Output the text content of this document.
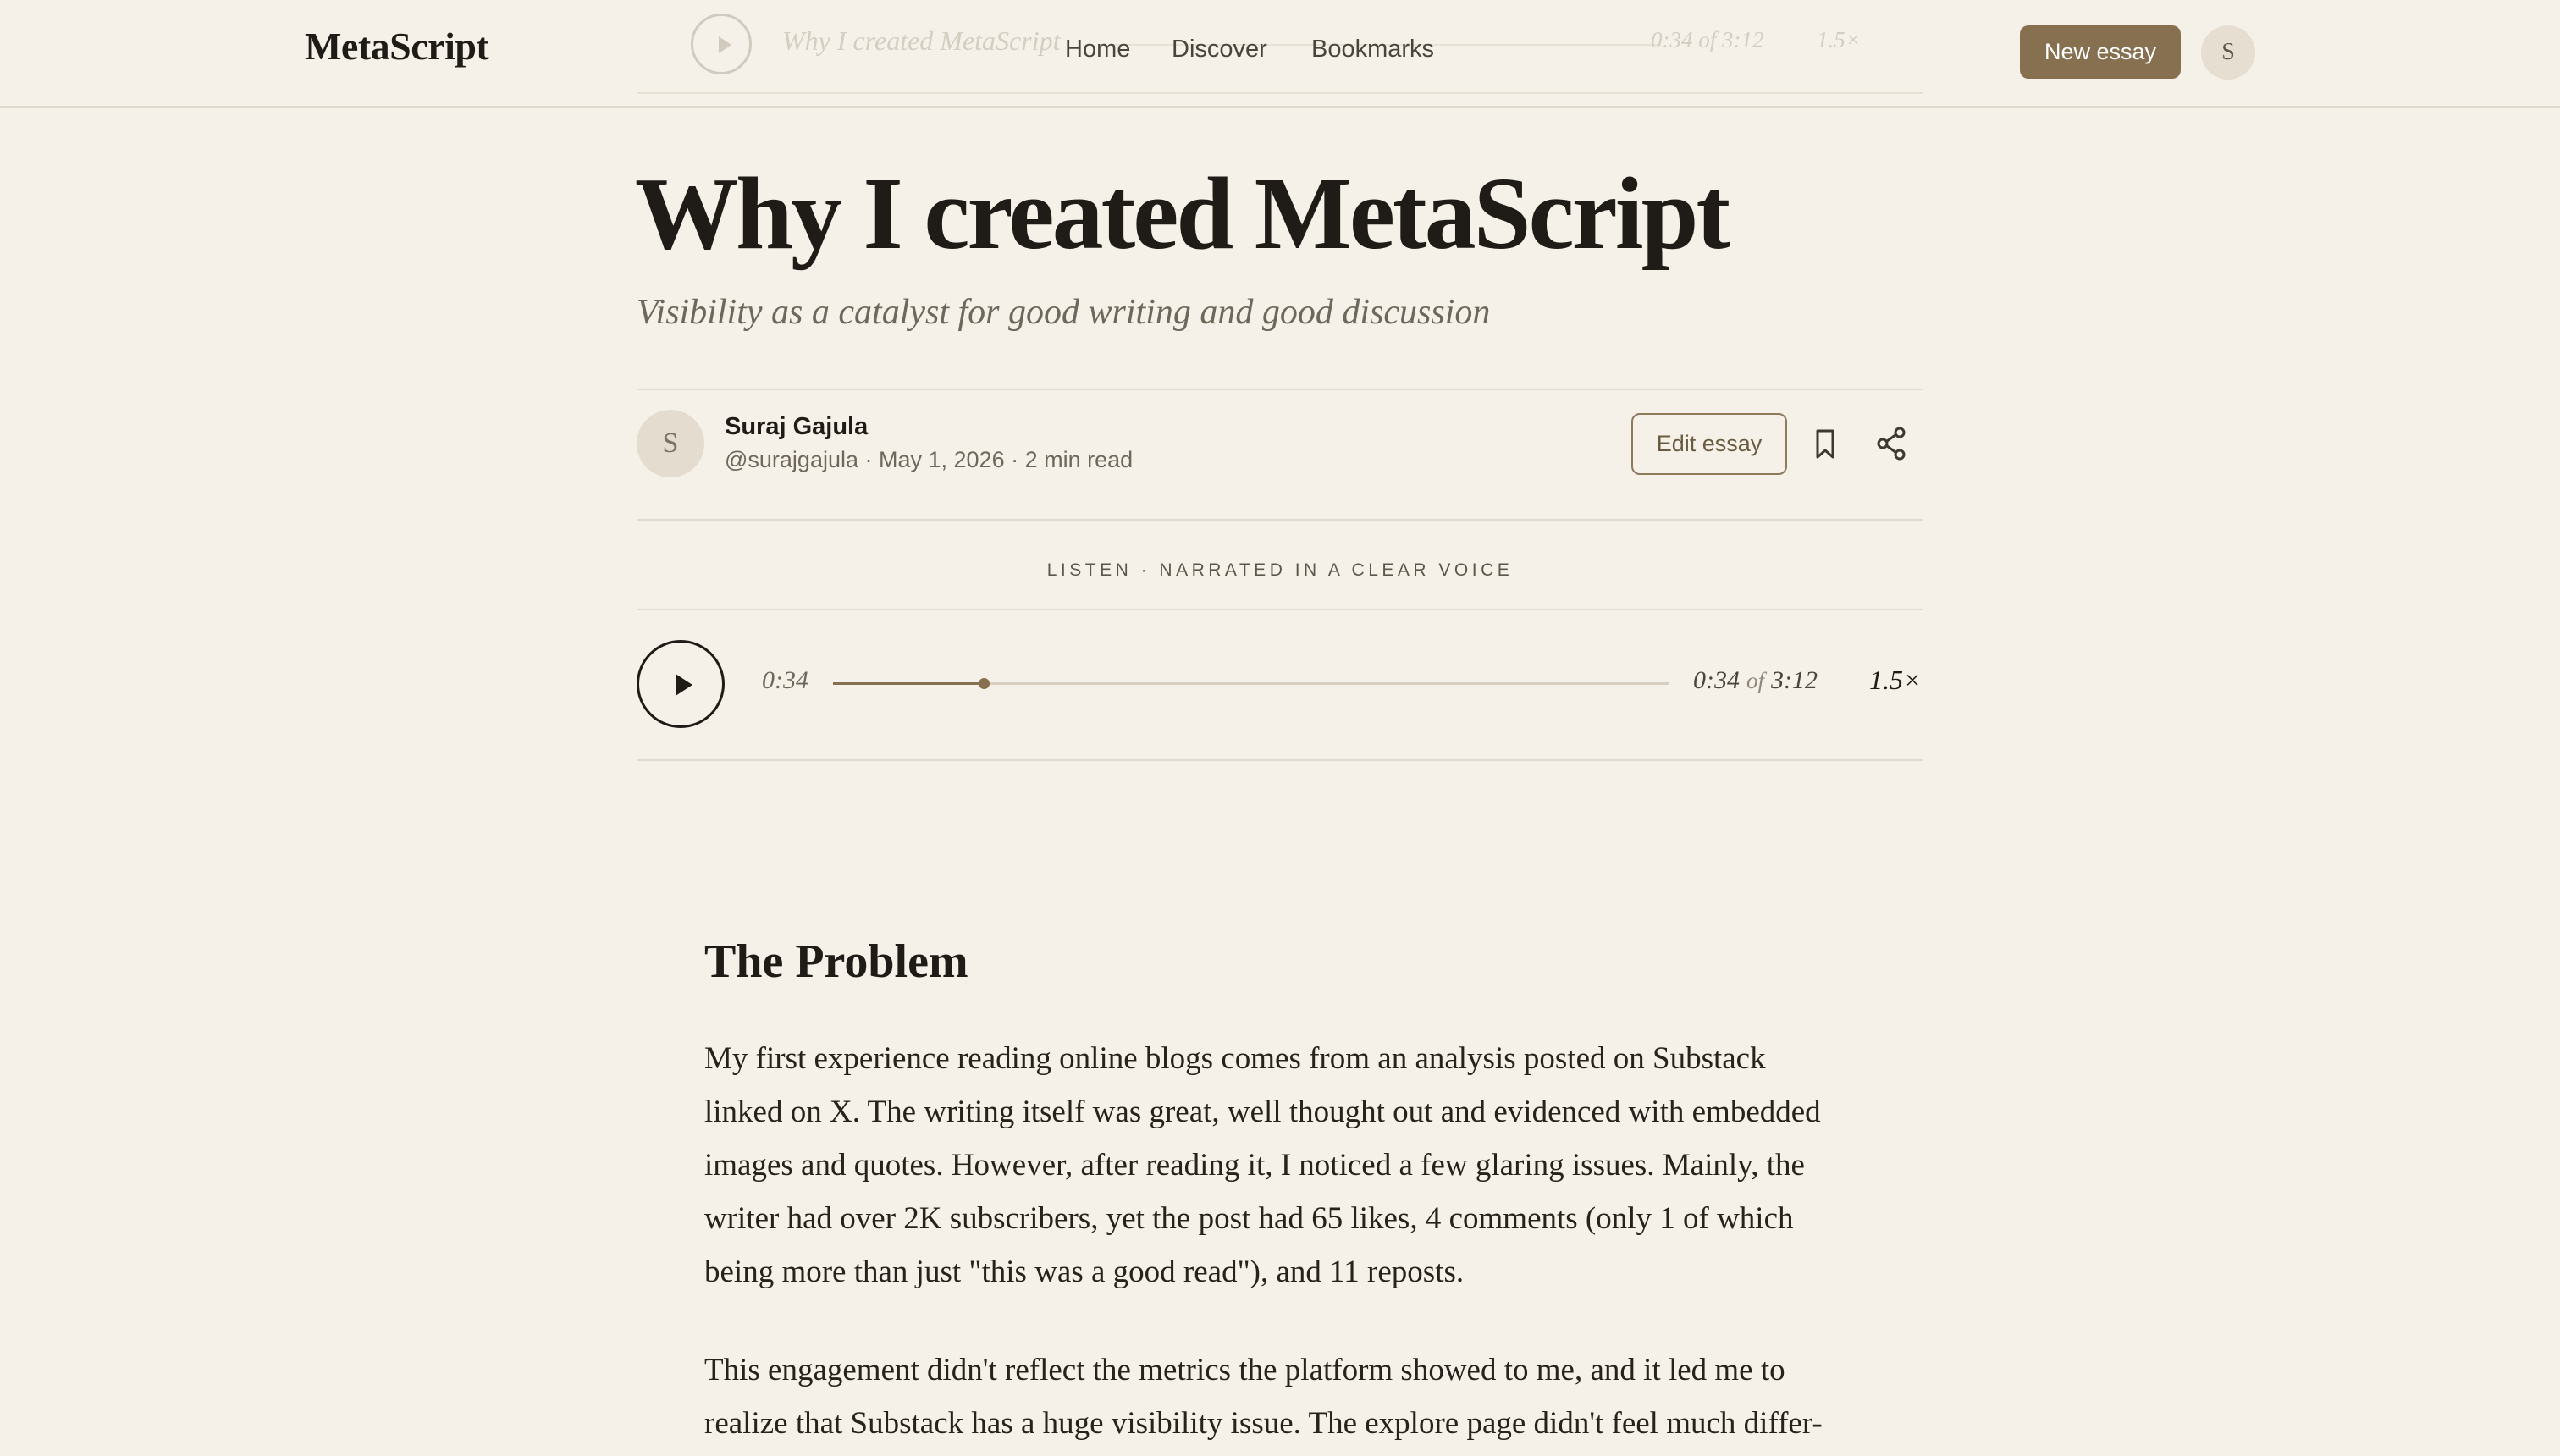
Why I created MetaScript	0:34 of 3:12 1.5×
MetaScript	Home Discover Bookmarks	New essay	S
Why I created MetaScript
Visibility as a catalyst for good writing and good discussion
S
Suraj Gajula
@surajgajula · May 1, 2026 · 2 min read
Edit essay
LISTEN · NARRATED IN A CLEAR VOICE
0:34	0:34 of 3:12 1.5×
The Problem
My first experience reading online blogs comes from an analysis posted on Substack
linked on X. The writing itself was great, well thought out and evidenced with embedded
images and quotes. However, after reading it, I noticed a few glaring issues. Mainly, the
writer had over 2K subscribers, yet the post had 65 likes, 4 comments (only 1 of which
being more than just "this was a good read"), and 11 reposts.
This engagement didn't reflect the metrics the platform showed to me, and it led me to
realize that Substack has a huge visibility issue. The explore page didn't feel much differ-
